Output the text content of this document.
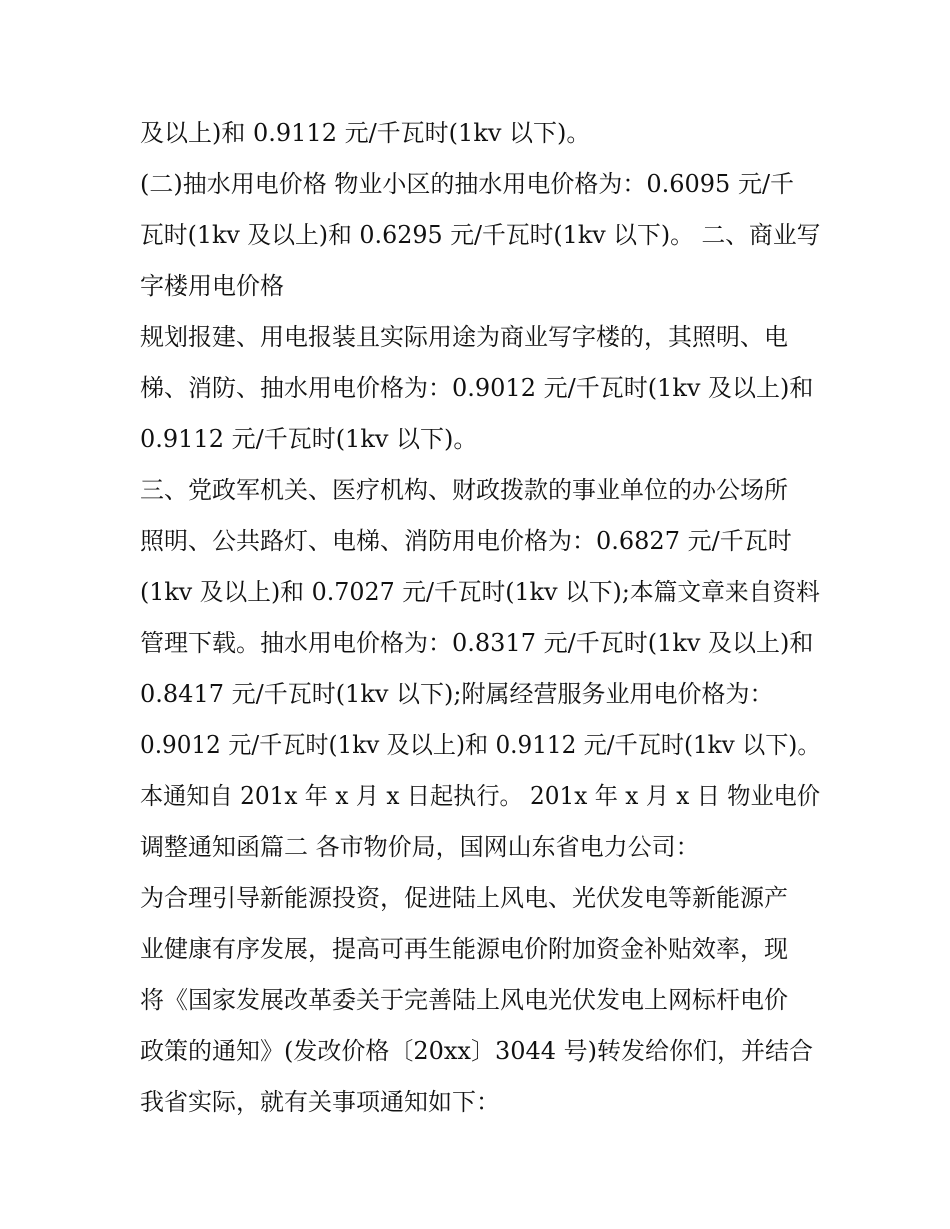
及以上)和 0.9112 元/千瓦时(1kv 以下)。
(二)抽水用电价格 物业小区的抽水用电价格为：0.6095 元/千
瓦时(1kv 及以上)和 0.6295 元/千瓦时(1kv 以下)。 二、商业写
字楼用电价格
规划报建、用电报装且实际用途为商业写字楼的，其照明、电
梯、消防、抽水用电价格为：0.9012 元/千瓦时(1kv 及以上)和
0.9112 元/千瓦时(1kv 以下)。
三、党政军机关、医疗机构、财政拨款的事业单位的办公场所
照明、公共路灯、电梯、消防用电价格为：0.6827 元/千瓦时
(1kv 及以上)和 0.7027 元/千瓦时(1kv 以下);本篇文章来自资料
管理下载。抽水用电价格为：0.8317 元/千瓦时(1kv 及以上)和
0.8417 元/千瓦时(1kv 以下);附属经营服务业用电价格为：
0.9012 元/千瓦时(1kv 及以上)和 0.9112 元/千瓦时(1kv 以下)。
本通知自 201x 年 x 月 x 日起执行。 201x 年 x 月 x 日 物业电价
调整通知函篇二 各市物价局，国网山东省电力公司：
为合理引导新能源投资，促进陆上风电、光伏发电等新能源产
业健康有序发展，提高可再生能源电价附加资金补贴效率，现
将《国家发展改革委关于完善陆上风电光伏发电上网标杆电价
政策的通知》(发改价格〔20xx〕3044 号)转发给你们，并结合
我省实际，就有关事项通知如下：
